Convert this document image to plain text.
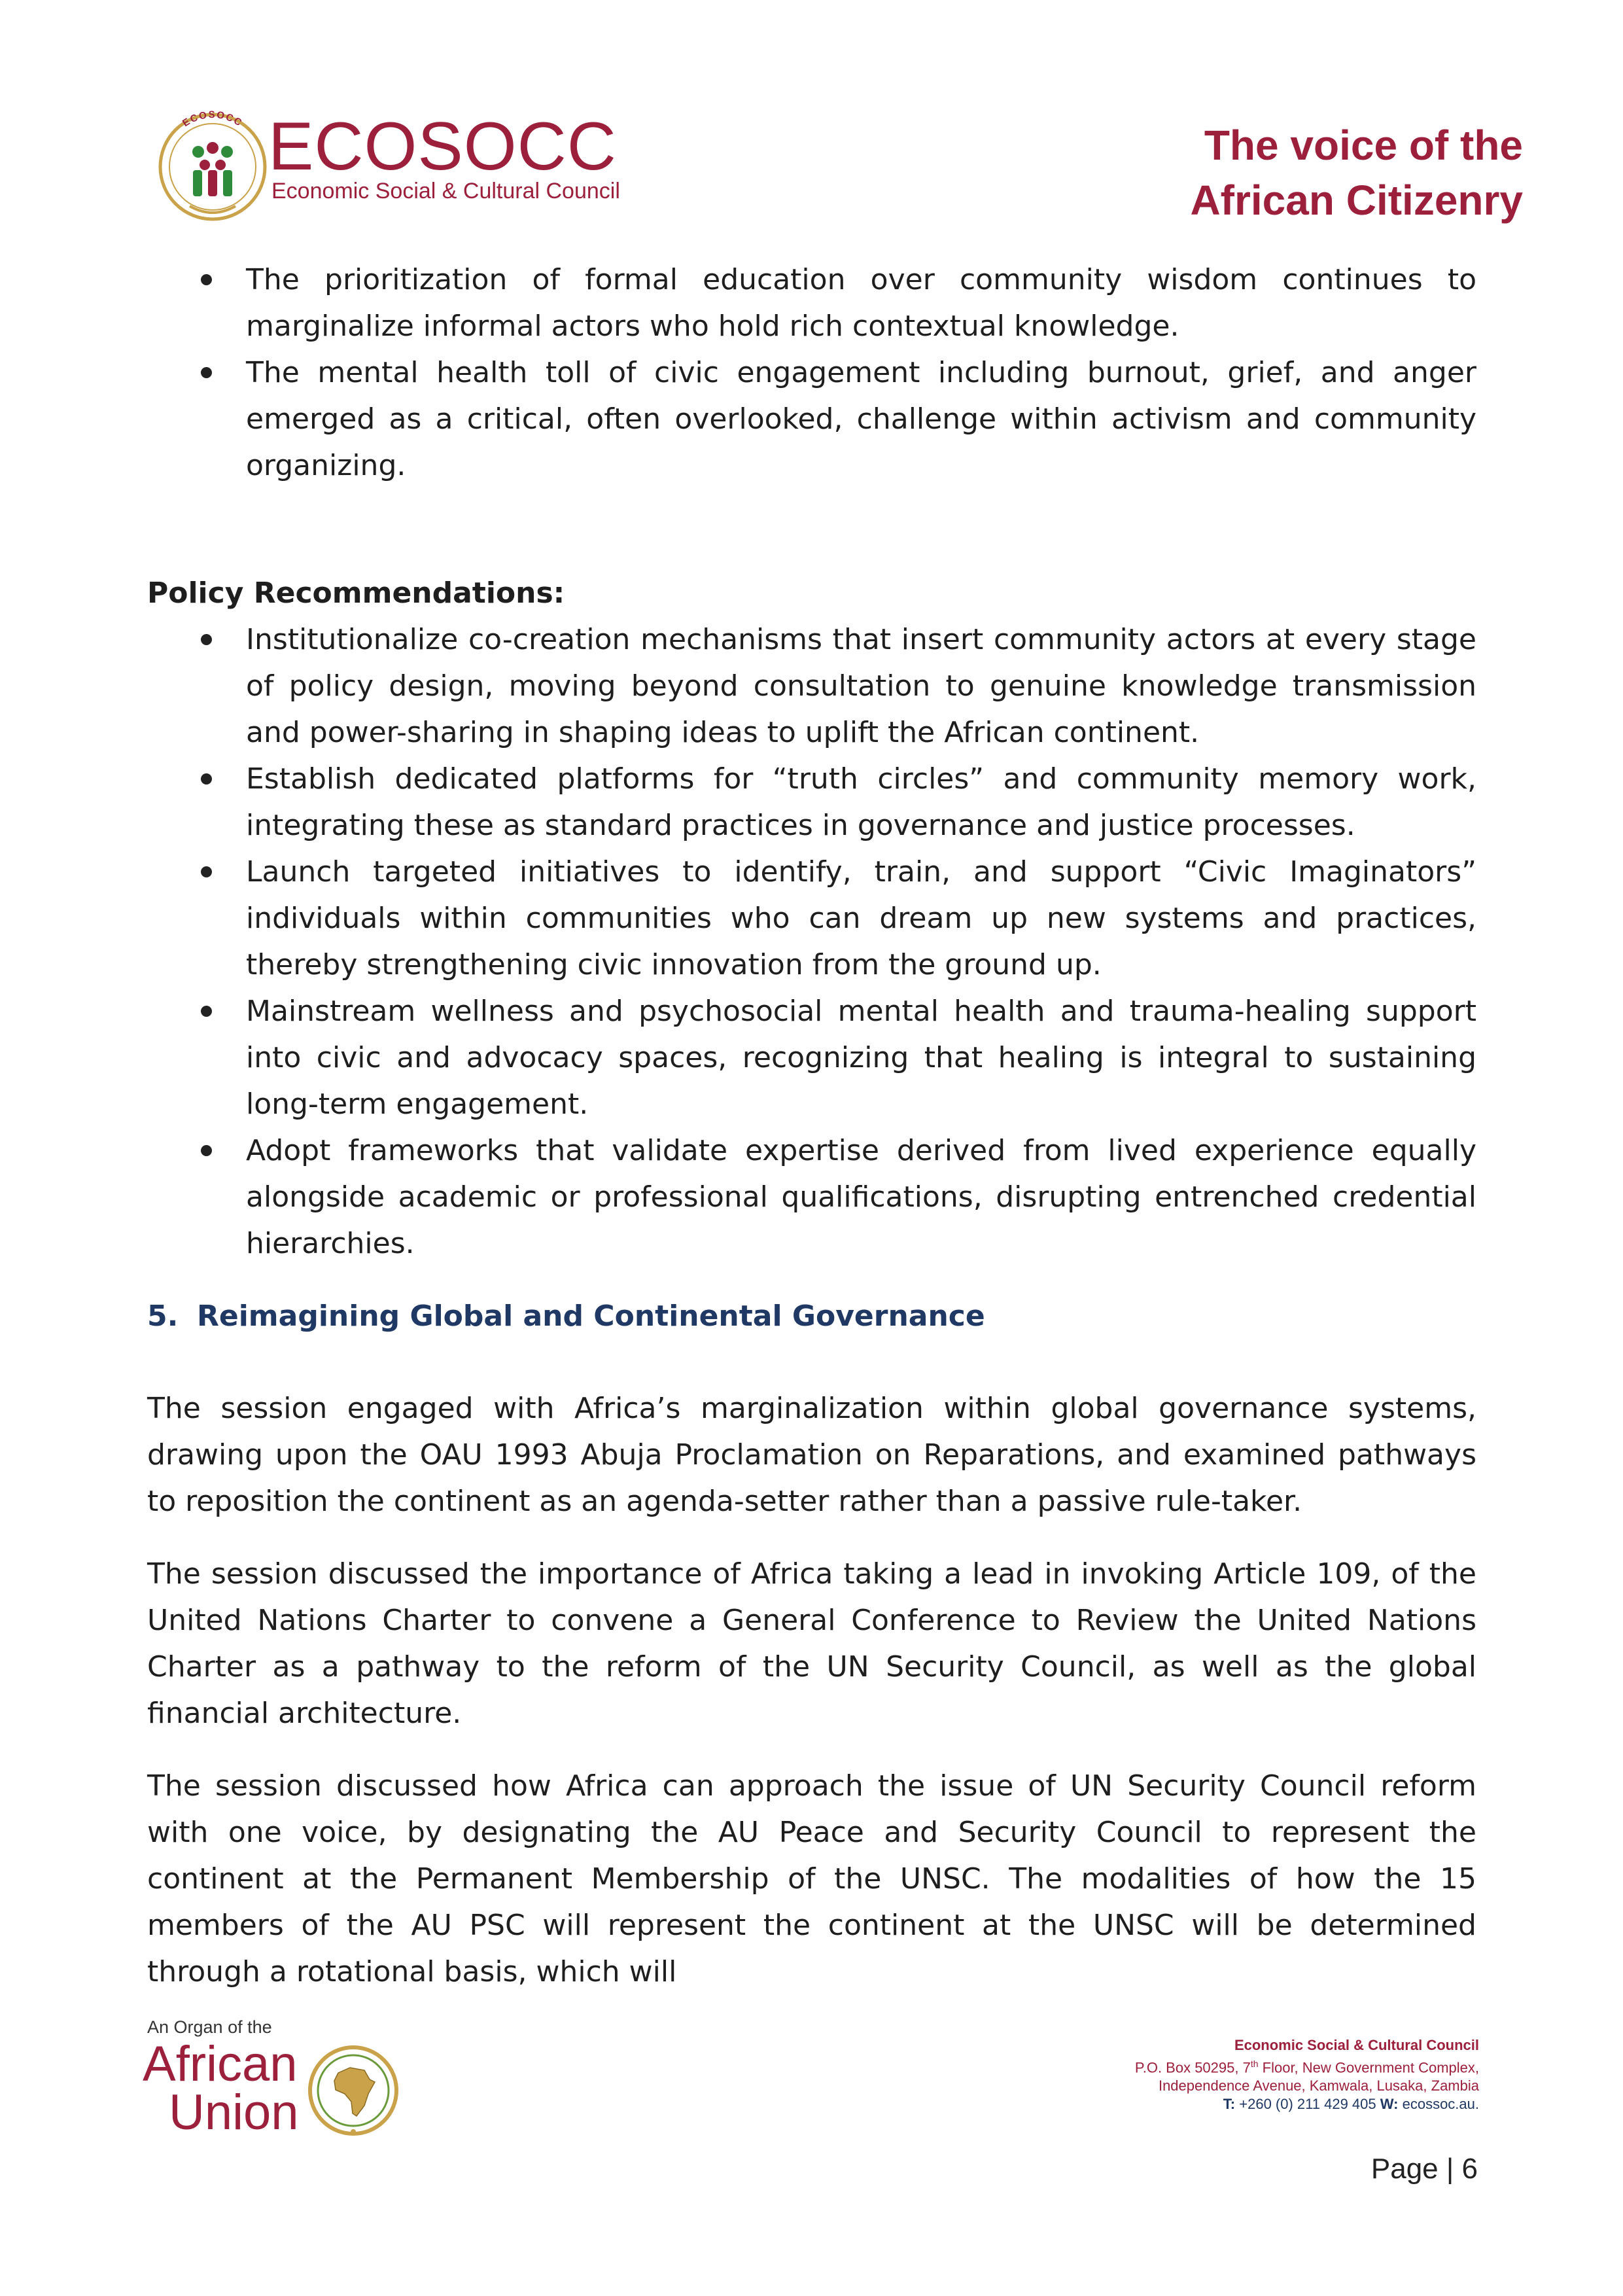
ECOSOCC ECOSOCC
Economic Social & Cultural Council
The voice of the
African Citizenry
The prioritization of formal education over community wisdom continues to marginalize informal actors who hold rich contextual knowledge.
The mental health toll of civic engagement including burnout, grief, and anger emerged as a critical, often overlooked, challenge within activism and community organizing.
Policy Recommendations:
Institutionalize co-creation mechanisms that insert community actors at every stage of policy design, moving beyond consultation to genuine knowledge transmission and power-sharing in shaping ideas to uplift the African continent.
Establish dedicated platforms for “truth circles” and community memory work, integrating these as standard practices in governance and justice processes.
Launch targeted initiatives to identify, train, and support “Civic Imaginators” individuals within communities who can dream up new systems and practices, thereby strengthening civic innovation from the ground up.
Mainstream wellness and psychosocial mental health and trauma-healing support into civic and advocacy spaces, recognizing that healing is integral to sustaining long-term engagement.
Adopt frameworks that validate expertise derived from lived experience equally alongside academic or professional qualifications, disrupting entrenched credential hierarchies.
5. Reimagining Global and Continental Governance

The session engaged with Africa’s marginalization within global governance systems, drawing upon the OAU 1993 Abuja Proclamation on Reparations, and examined pathways to reposition the continent as an agenda-setter rather than a passive rule-taker.

The session discussed the importance of Africa taking a lead in invoking Article 109, of the United Nations Charter to convene a General Conference to Review the United Nations Charter as a pathway to the reform of the UN Security Council, as well as the global financial architecture.

The session discussed how Africa can approach the issue of UN Security Council reform with one voice, by designating the AU Peace and Security Council to represent the continent at the Permanent Membership of the UNSC. The modalities of how the 15 members of the AU PSC will represent the continent at the UNSC will be determined through a rotational basis, which will

An Organ of the
African
Union
Economic Social & Cultural Council
P.O. Box 50295, 7th Floor, New Government Complex,
Independence Avenue, Kamwala, Lusaka, Zambia
T: +260 (0) 211 429 405 W: ecossoc.au.
Page | 6
